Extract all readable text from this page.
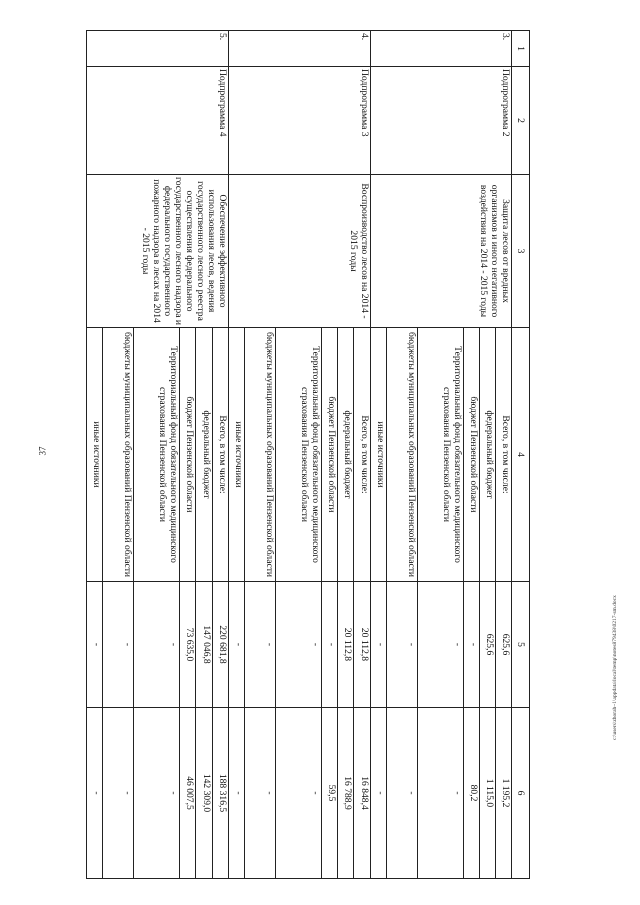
37
1	2	3	4	5	6
3.	Подпрограмма 2	Защита лесов от вредных организмов и иного негативного воздействия на 2014 - 2015 годы	Всего, в том числе:	625,6	1 195,2
			федеральный бюджет	625,6	1 115,0
			бюджет Пензенской области	-	80,2
			Территориальный фонд обязательного медицинского страхования Пензенской области	-	-
			бюджеты муниципальных образований Пензенской области	-	-
			иные источники	-	-
4.	Подпрограмма 3	Воспроизводство лесов на 2014 - 2015 годы	Всего, в том числе:	20 112,8	16 848,4
			федеральный бюджет	20 112,8	16 788,9
			бюджет Пензенской области	-	59,5
			Территориальный фонд обязательного медицинского страхования Пензенской области	-	-
			бюджеты муниципальных образований Пензенской области	-	-
			иные источники	-	-
5.	Подпрограмма 4	Обеспечение эффективного использования лесов, ведения государственного лесного реестра осуществления федерального государственного лесного надзора и федерального государственного пожарного надзора в лесах на 2014 - 2015 годы	Всего, в том числе:	220 681,8	188 316,5
			федеральный бюджет	147 046,8	142 309,0
			бюджет Пензенской области	73 635,0	46 007,5
			Территориальный фонд обязательного медицинского страхования Пензенской области	-	-
			бюджеты муниципальных образований Пензенской области	-	-
			иные источники	-	-
c:\users\zhorah~1\appdata\local\temp\notes879438\0217-sm.docx
